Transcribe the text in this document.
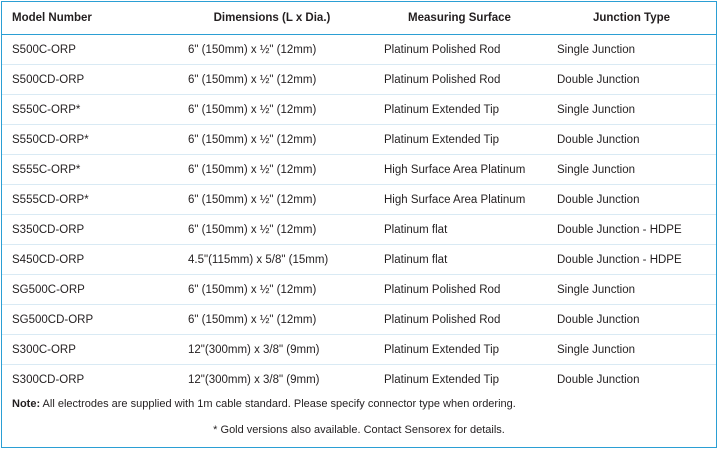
Model Number	Dimensions (L x Dia.)	Measuring Surface	Junction Type
S500C-ORP	6" (150mm) x ½" (12mm)	Platinum Polished Rod	Single Junction
S500CD-ORP	6" (150mm) x ½" (12mm)	Platinum Polished Rod	Double Junction
S550C-ORP*	6" (150mm) x ½" (12mm)	Platinum Extended Tip	Single Junction
S550CD-ORP*	6" (150mm) x ½" (12mm)	Platinum Extended Tip	Double Junction
S555C-ORP*	6" (150mm) x ½" (12mm)	High Surface Area Platinum	Single Junction
S555CD-ORP*	6" (150mm) x ½" (12mm)	High Surface Area Platinum	Double Junction
S350CD-ORP	6" (150mm) x ½" (12mm)	Platinum flat	Double Junction - HDPE
S450CD-ORP	4.5"(115mm) x 5/8" (15mm)	Platinum flat	Double Junction - HDPE
SG500C-ORP	6" (150mm) x ½" (12mm)	Platinum Polished Rod	Single Junction
SG500CD-ORP	6" (150mm) x ½" (12mm)	Platinum Polished Rod	Double Junction
S300C-ORP	12"(300mm) x 3/8" (9mm)	Platinum Extended Tip	Single Junction
S300CD-ORP	12"(300mm) x 3/8" (9mm)	Platinum Extended Tip	Double Junction
Note: All electrodes are supplied with 1m cable standard. Please specify connector type when ordering.
* Gold versions also available. Contact Sensorex for details.
